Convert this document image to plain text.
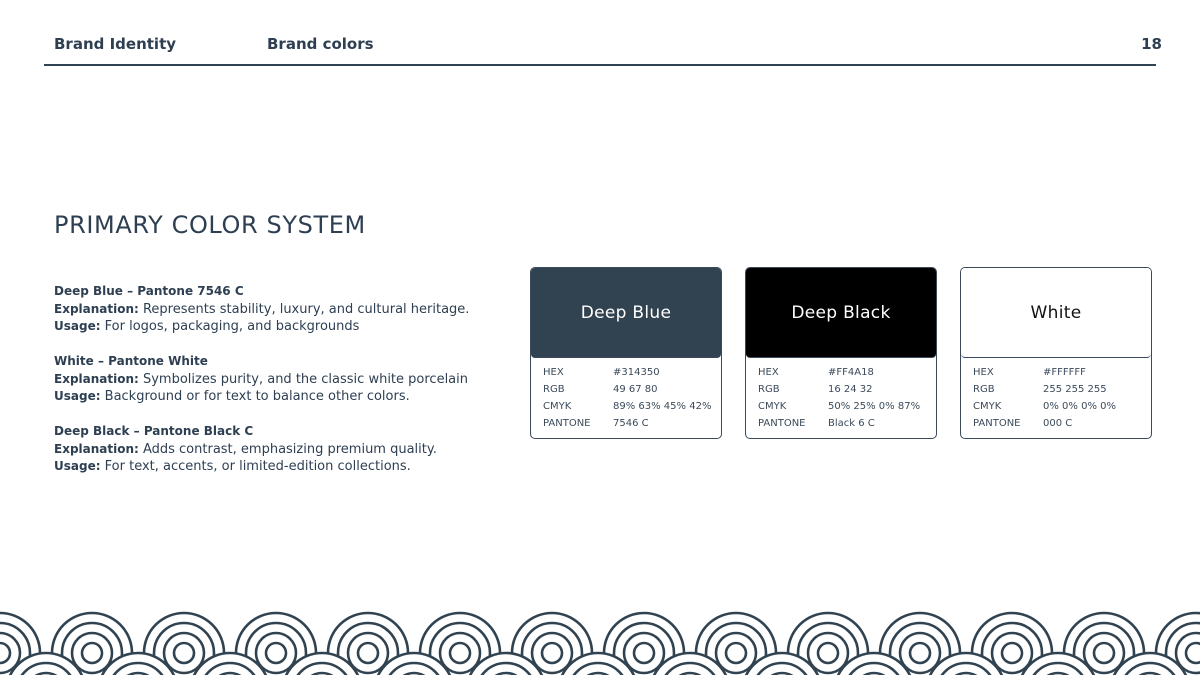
Brand Identity	Brand colors	18
PRIMARY COLOR SYSTEM
Deep Blue – Pantone 7546 C
Explanation: Represents stability, luxury, and cultural heritage.
Usage: For logos, packaging, and backgrounds
White – Pantone White
Explanation: Symbolizes purity, and the classic white porcelain
Usage: Background or for text to balance other colors.
Deep Black – Pantone Black C
Explanation: Adds contrast, emphasizing premium quality.
Usage: For text, accents, or limited-edition collections.
Deep Blue
HEX	#314350
RGB	49 67 80
CMYK	89% 63% 45% 42%
PANTONE	7546 C
Deep Black
HEX	#FF4A18
RGB	16 24 32
CMYK	50% 25% 0% 87%
PANTONE	Black 6 C
White
HEX	#FFFFFF
RGB	255 255 255
CMYK	0% 0% 0% 0%
PANTONE	000 C
